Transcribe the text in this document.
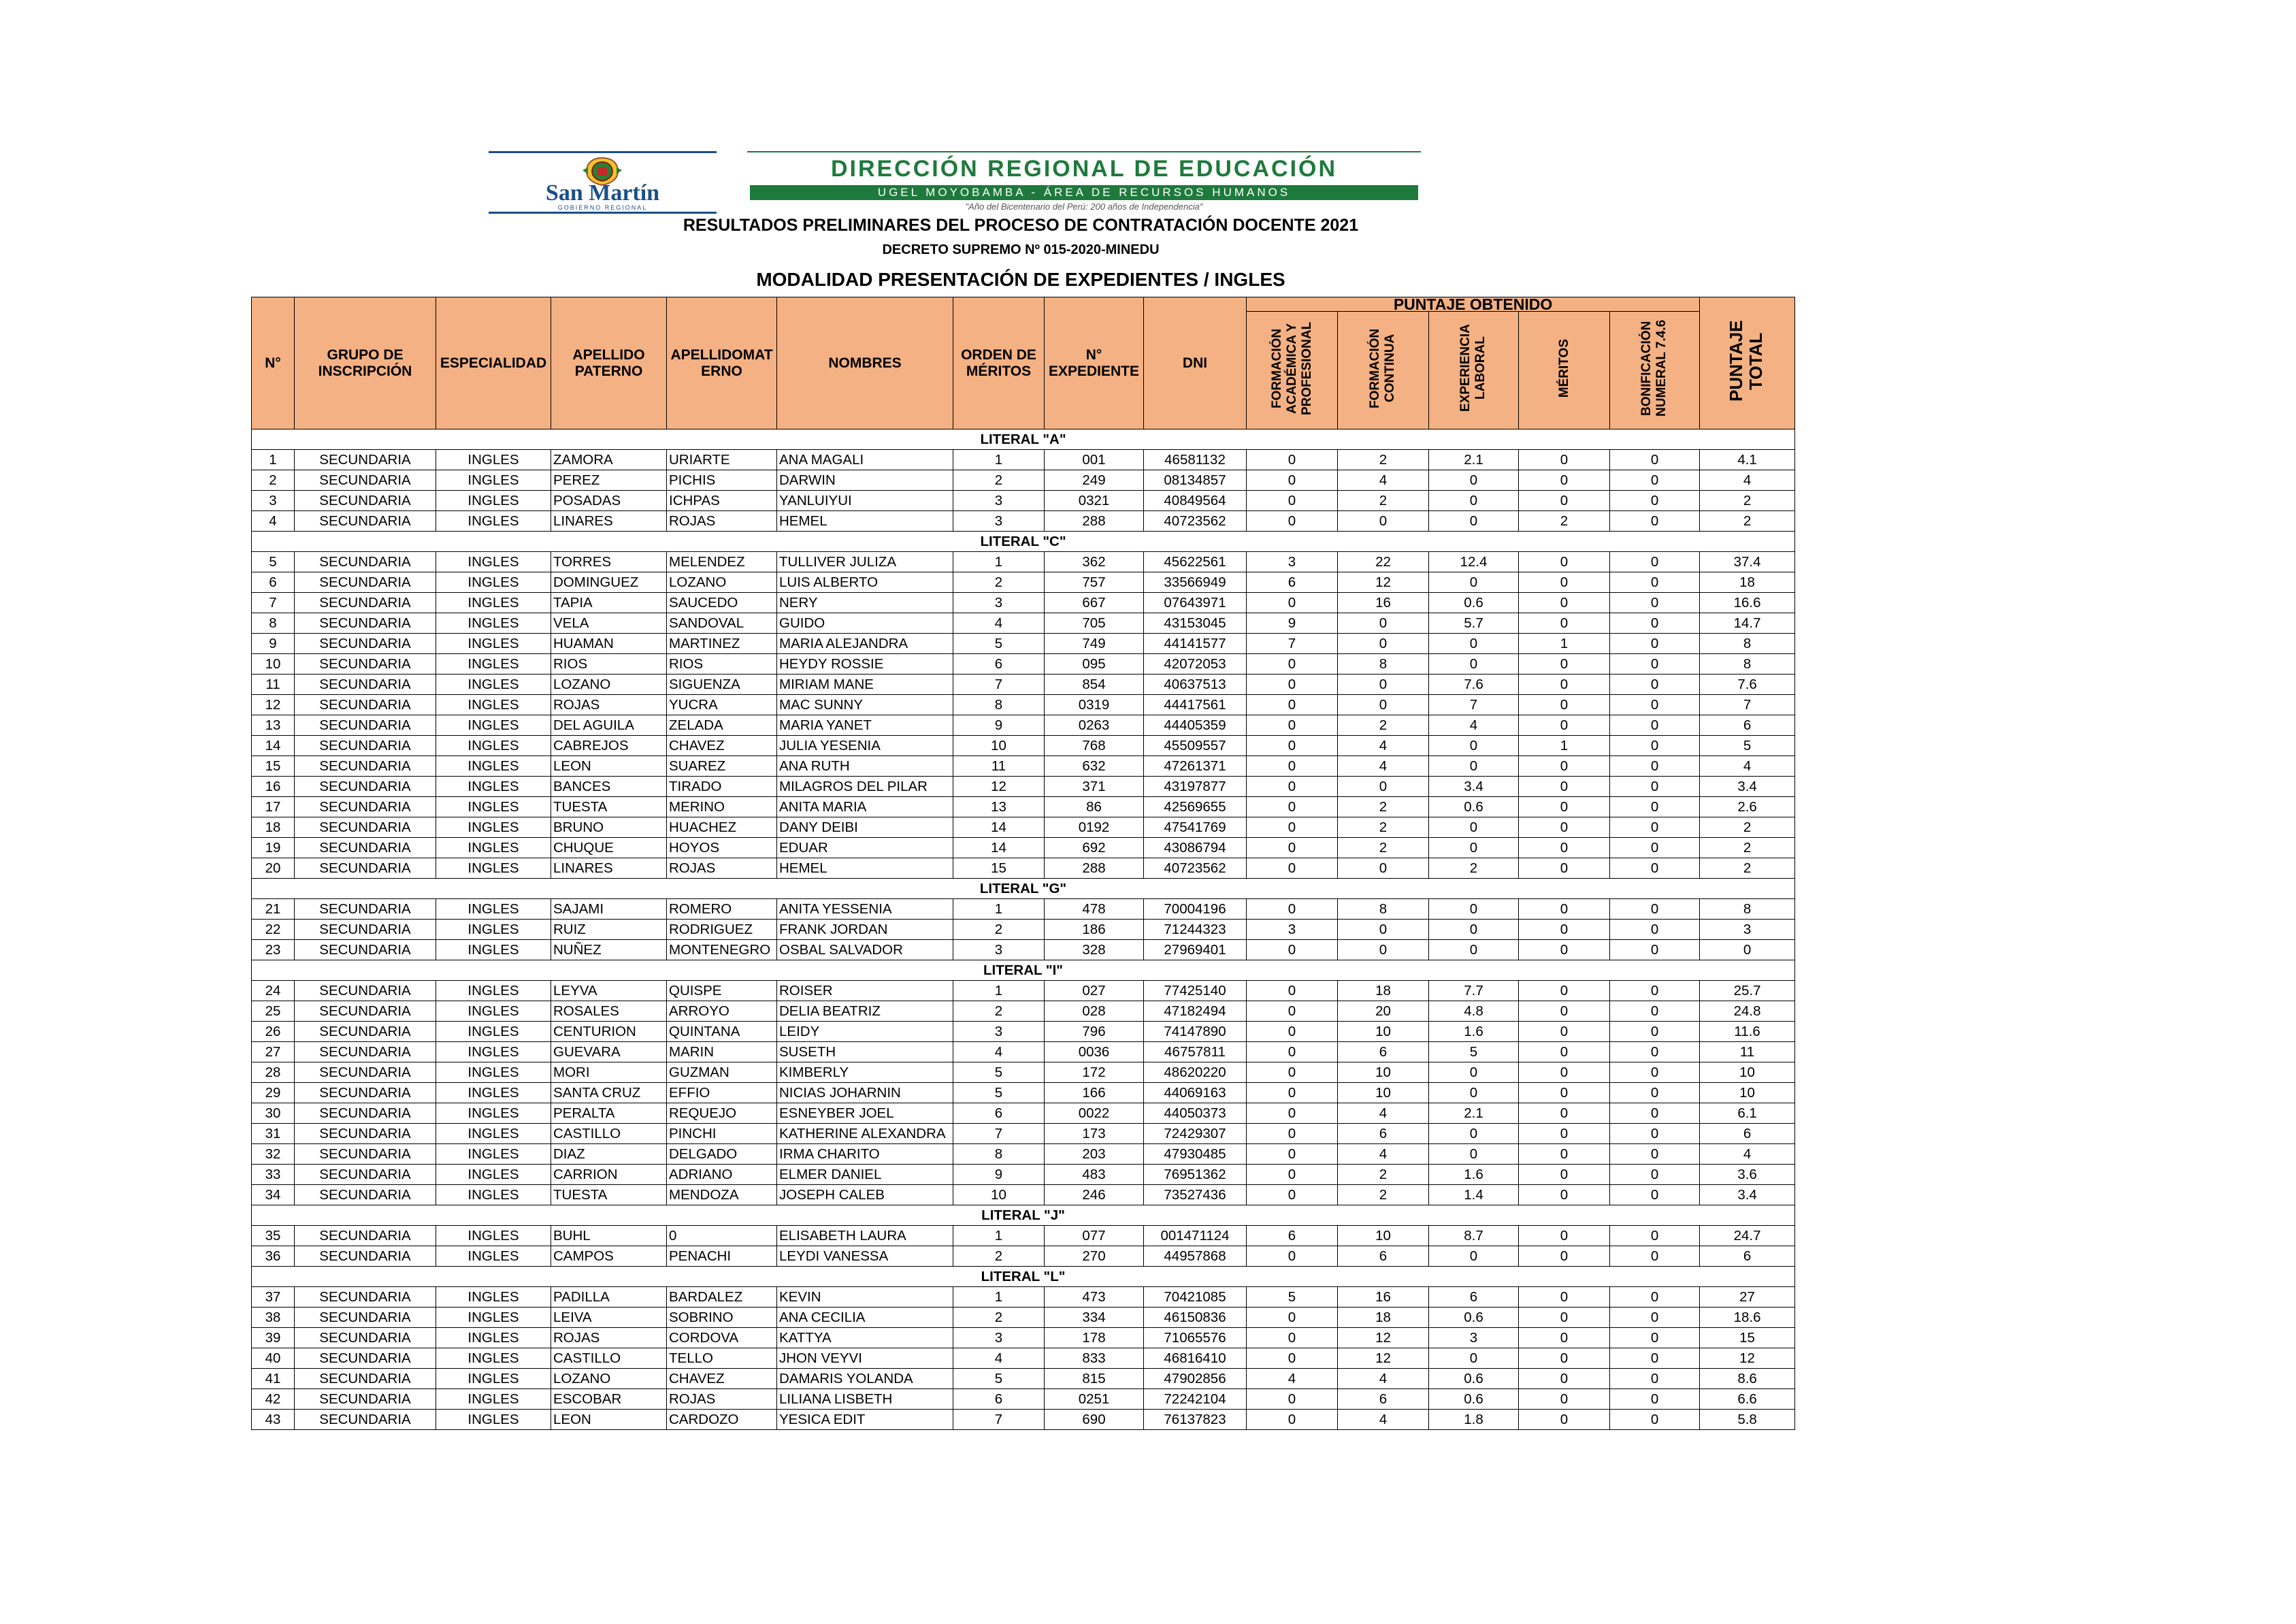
San Martín
GOBIERNO REGIONAL
DIRECCIÓN REGIONAL DE EDUCACIÓN
UGEL MOYOBAMBA - ÁREA DE RECURSOS HUMANOS
"Año del Bicentenario del Perú: 200 años de Independencia"
RESULTADOS PRELIMINARES DEL PROCESO DE CONTRATACIÓN DOCENTE 2021
DECRETO SUPREMO Nº 015-2020-MINEDU
MODALIDAD PRESENTACIÓN DE EXPEDIENTES / INGLES
N°	GRUPO DE INSCRIPCIÓN	ESPECIALIDAD	APELLIDO PATERNO	APELLIDOMATERNO	NOMBRES	ORDEN DE MÉRITOS	N° EXPEDIENTE	DNI	PUNTAJE OBTENIDO					PUNTAJE TOTAL
									FORMACIÓN ACADÉMICA Y PROFESIONAL	FORMACIÓN CONTINUA	EXPERIENCIA LABORAL	MÉRITOS	BONIFICACIÓN NUMERAL 7.4.6	
LITERAL "A"														
1	SECUNDARIA	INGLES	ZAMORA	URIARTE	ANA MAGALI	1	001	46581132	0	2	2.1	0	0	4.1
2	SECUNDARIA	INGLES	PEREZ	PICHIS	DARWIN	2	249	08134857	0	4	0	0	0	4
3	SECUNDARIA	INGLES	POSADAS	ICHPAS	YANLUIYUI	3	0321	40849564	0	2	0	0	0	2
4	SECUNDARIA	INGLES	LINARES	ROJAS	HEMEL	3	288	40723562	0	0	0	2	0	2
LITERAL "C"														
5	SECUNDARIA	INGLES	TORRES	MELENDEZ	TULLIVER JULIZA	1	362	45622561	3	22	12.4	0	0	37.4
6	SECUNDARIA	INGLES	DOMINGUEZ	LOZANO	LUIS ALBERTO	2	757	33566949	6	12	0	0	0	18
7	SECUNDARIA	INGLES	TAPIA	SAUCEDO	NERY	3	667	07643971	0	16	0.6	0	0	16.6
8	SECUNDARIA	INGLES	VELA	SANDOVAL	GUIDO	4	705	43153045	9	0	5.7	0	0	14.7
9	SECUNDARIA	INGLES	HUAMAN	MARTINEZ	MARIA ALEJANDRA	5	749	44141577	7	0	0	1	0	8
10	SECUNDARIA	INGLES	RIOS	RIOS	HEYDY ROSSIE	6	095	42072053	0	8	0	0	0	8
11	SECUNDARIA	INGLES	LOZANO	SIGUENZA	MIRIAM MANE	7	854	40637513	0	0	7.6	0	0	7.6
12	SECUNDARIA	INGLES	ROJAS	YUCRA	MAC SUNNY	8	0319	44417561	0	0	7	0	0	7
13	SECUNDARIA	INGLES	DEL AGUILA	ZELADA	MARIA YANET	9	0263	44405359	0	2	4	0	0	6
14	SECUNDARIA	INGLES	CABREJOS	CHAVEZ	JULIA YESENIA	10	768	45509557	0	4	0	1	0	5
15	SECUNDARIA	INGLES	LEON	SUAREZ	ANA RUTH	11	632	47261371	0	4	0	0	0	4
16	SECUNDARIA	INGLES	BANCES	TIRADO	MILAGROS DEL PILAR	12	371	43197877	0	0	3.4	0	0	3.4
17	SECUNDARIA	INGLES	TUESTA	MERINO	ANITA MARIA	13	86	42569655	0	2	0.6	0	0	2.6
18	SECUNDARIA	INGLES	BRUNO	HUACHEZ	DANY DEIBI	14	0192	47541769	0	2	0	0	0	2
19	SECUNDARIA	INGLES	CHUQUE	HOYOS	EDUAR	14	692	43086794	0	2	0	0	0	2
20	SECUNDARIA	INGLES	LINARES	ROJAS	HEMEL	15	288	40723562	0	0	2	0	0	2
LITERAL "G"														
21	SECUNDARIA	INGLES	SAJAMI	ROMERO	ANITA YESSENIA	1	478	70004196	0	8	0	0	0	8
22	SECUNDARIA	INGLES	RUIZ	RODRIGUEZ	FRANK JORDAN	2	186	71244323	3	0	0	0	0	3
23	SECUNDARIA	INGLES	NUÑEZ	MONTENEGRO	OSBAL SALVADOR	3	328	27969401	0	0	0	0	0	0
LITERAL "I"														
24	SECUNDARIA	INGLES	LEYVA	QUISPE	ROISER	1	027	77425140	0	18	7.7	0	0	25.7
25	SECUNDARIA	INGLES	ROSALES	ARROYO	DELIA BEATRIZ	2	028	47182494	0	20	4.8	0	0	24.8
26	SECUNDARIA	INGLES	CENTURION	QUINTANA	LEIDY	3	796	74147890	0	10	1.6	0	0	11.6
27	SECUNDARIA	INGLES	GUEVARA	MARIN	SUSETH	4	0036	46757811	0	6	5	0	0	11
28	SECUNDARIA	INGLES	MORI	GUZMAN	KIMBERLY	5	172	48620220	0	10	0	0	0	10
29	SECUNDARIA	INGLES	SANTA CRUZ	EFFIO	NICIAS JOHARNIN	5	166	44069163	0	10	0	0	0	10
30	SECUNDARIA	INGLES	PERALTA	REQUEJO	ESNEYBER JOEL	6	0022	44050373	0	4	2.1	0	0	6.1
31	SECUNDARIA	INGLES	CASTILLO	PINCHI	KATHERINE ALEXANDRA	7	173	72429307	0	6	0	0	0	6
32	SECUNDARIA	INGLES	DIAZ	DELGADO	IRMA CHARITO	8	203	47930485	0	4	0	0	0	4
33	SECUNDARIA	INGLES	CARRION	ADRIANO	ELMER DANIEL	9	483	76951362	0	2	1.6	0	0	3.6
34	SECUNDARIA	INGLES	TUESTA	MENDOZA	JOSEPH CALEB	10	246	73527436	0	2	1.4	0	0	3.4
LITERAL "J"														
35	SECUNDARIA	INGLES	BUHL	0	ELISABETH LAURA	1	077	001471124	6	10	8.7	0	0	24.7
36	SECUNDARIA	INGLES	CAMPOS	PENACHI	LEYDI VANESSA	2	270	44957868	0	6	0	0	0	6
LITERAL "L"														
37	SECUNDARIA	INGLES	PADILLA	BARDALEZ	KEVIN	1	473	70421085	5	16	6	0	0	27
38	SECUNDARIA	INGLES	LEIVA	SOBRINO	ANA CECILIA	2	334	46150836	0	18	0.6	0	0	18.6
39	SECUNDARIA	INGLES	ROJAS	CORDOVA	KATTYA	3	178	71065576	0	12	3	0	0	15
40	SECUNDARIA	INGLES	CASTILLO	TELLO	JHON VEYVI	4	833	46816410	0	12	0	0	0	12
41	SECUNDARIA	INGLES	LOZANO	CHAVEZ	DAMARIS YOLANDA	5	815	47902856	4	4	0.6	0	0	8.6
42	SECUNDARIA	INGLES	ESCOBAR	ROJAS	LILIANA LISBETH	6	0251	72242104	0	6	0.6	0	0	6.6
43	SECUNDARIA	INGLES	LEON	CARDOZO	YESICA EDIT	7	690	76137823	0	4	1.8	0	0	5.8
